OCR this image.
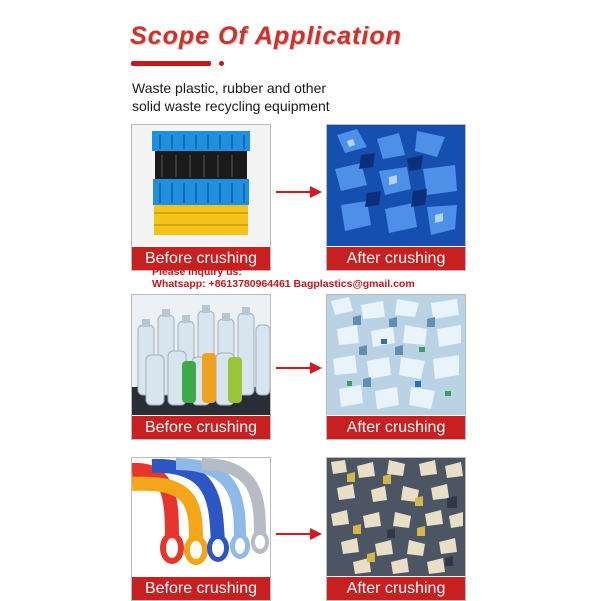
Scope Of Application
Waste plastic, rubber and other
solid waste recycling equipment
Before crushing	After crushing
Please inquiry us:
Whatsapp: +8613780964461 Bagplastics@gmail.com
Before crushing	After crushing
Before crushing	After crushing
